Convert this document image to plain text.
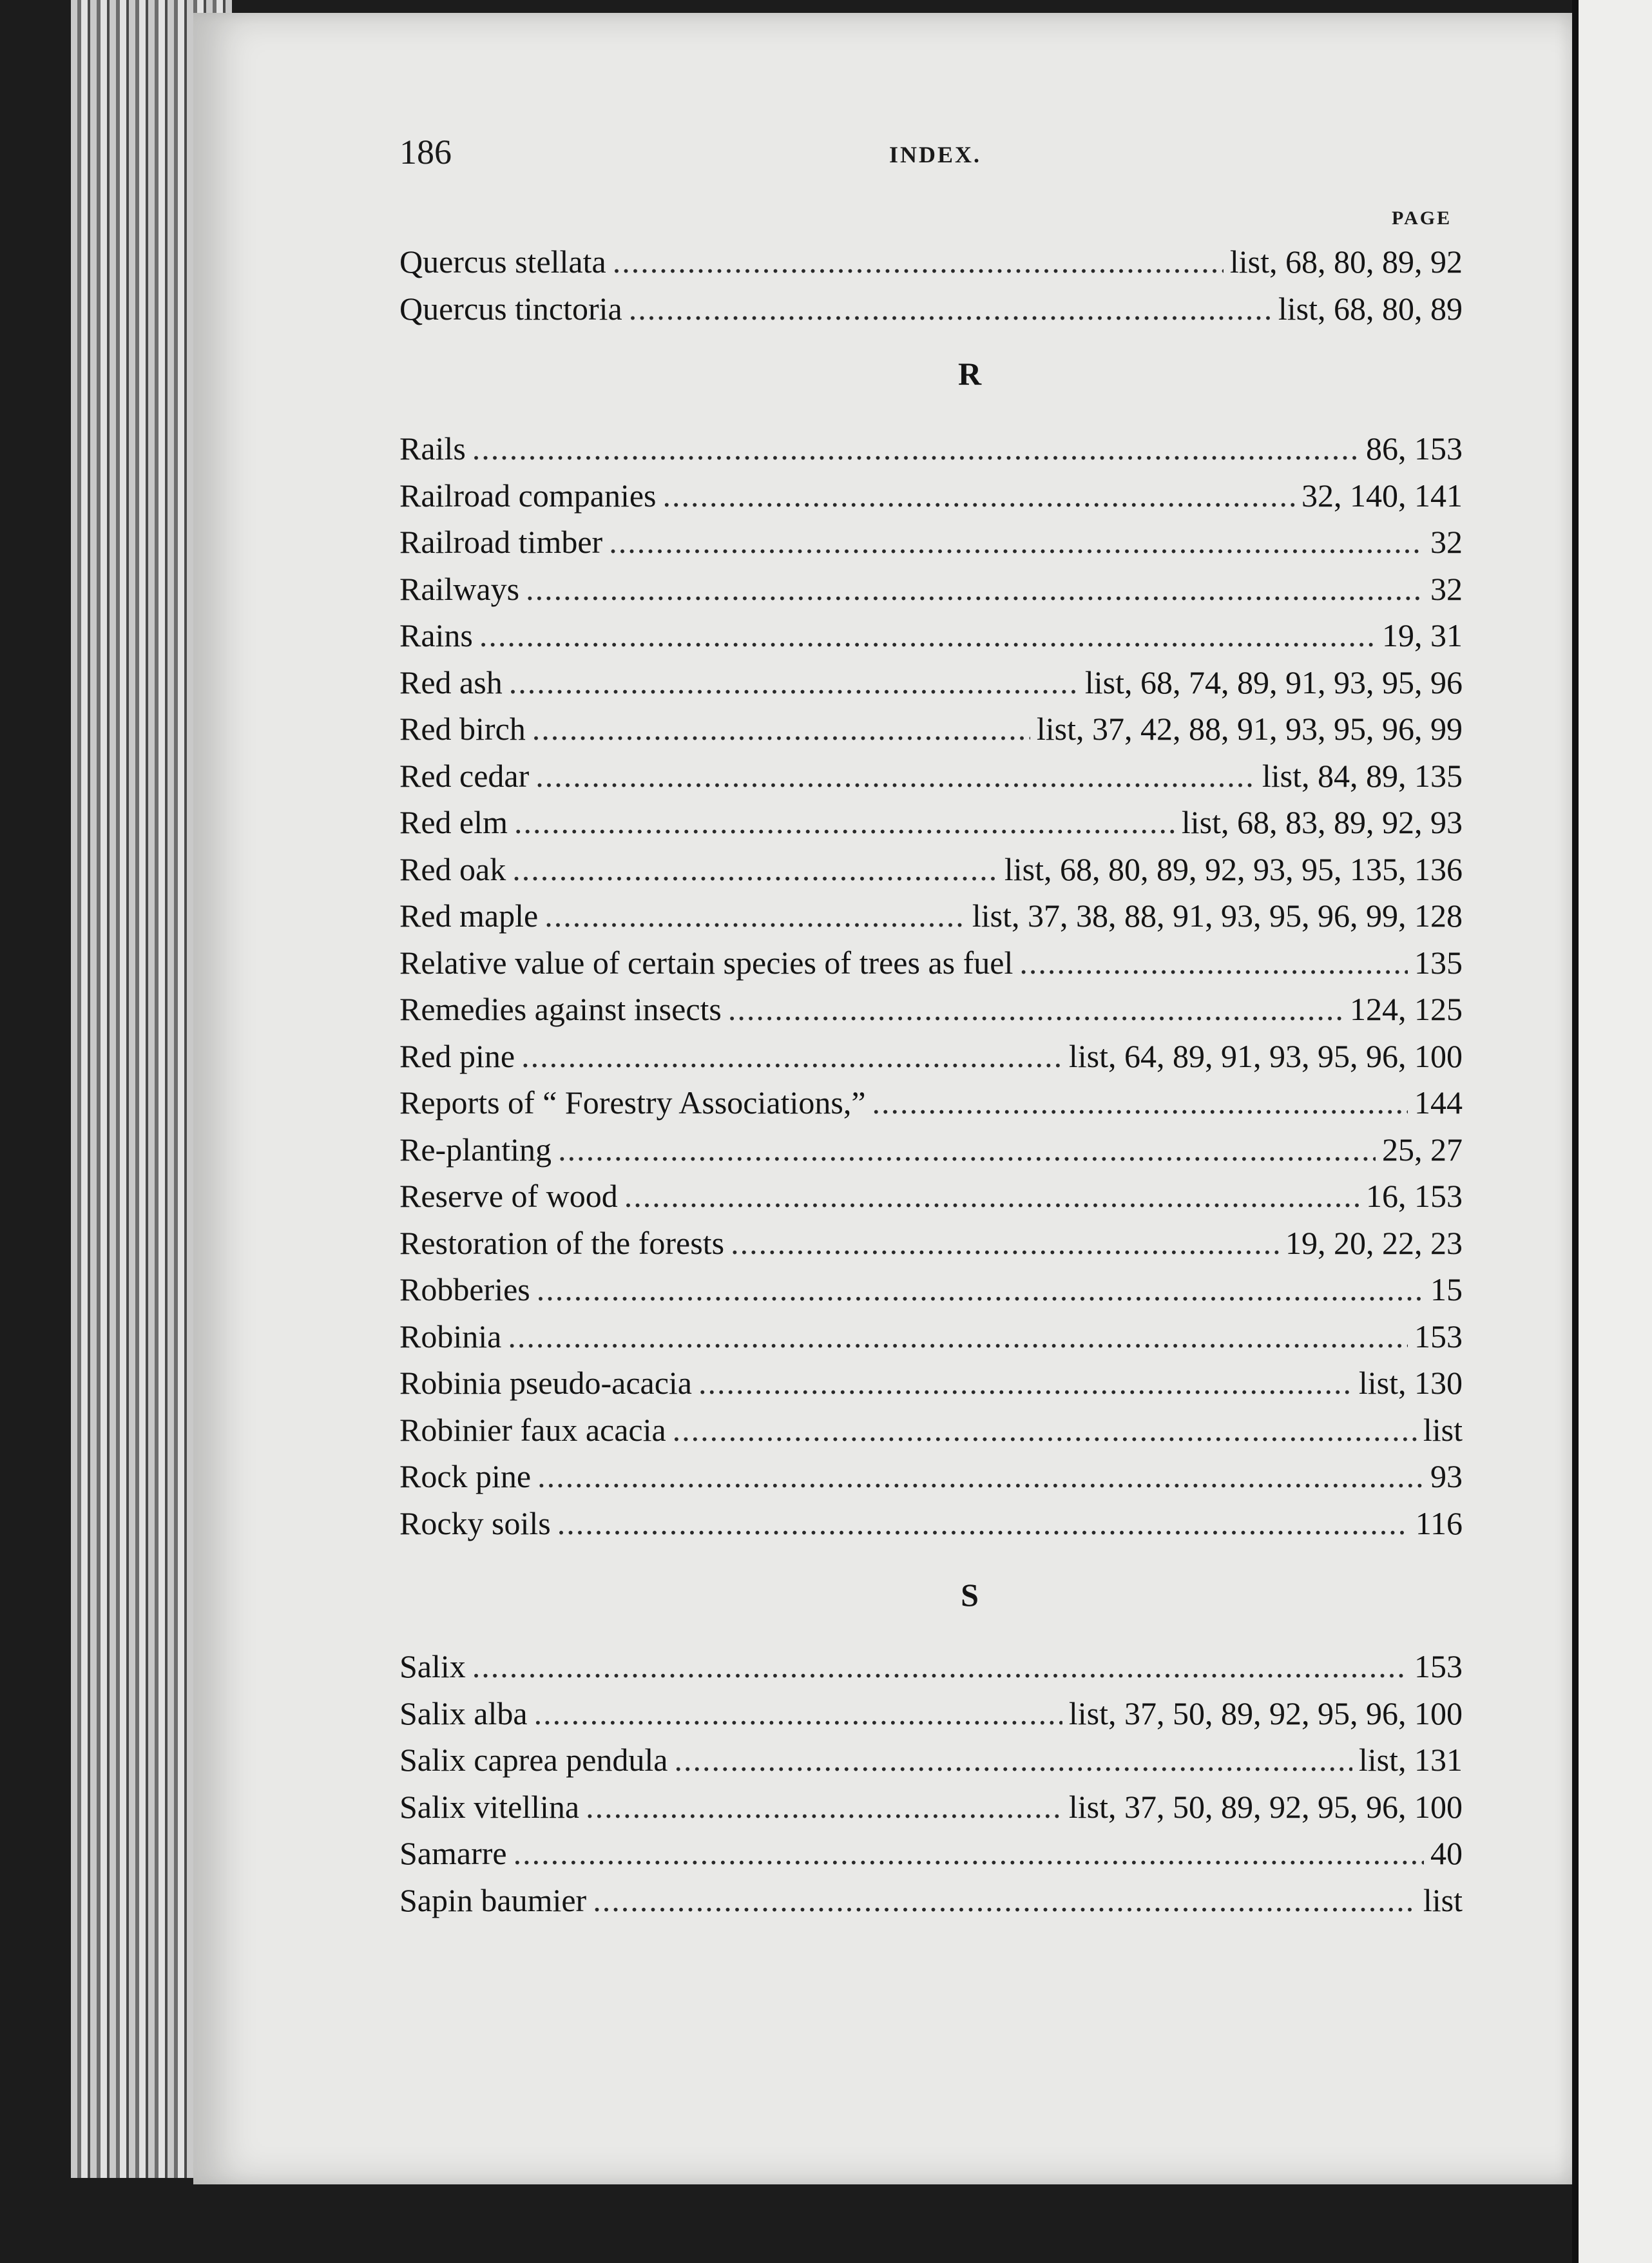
186	INDEX.
PAGE
Quercus stellata .....	list, 68, 80, 89, 92
Quercus tinctoria .....	list, 68, 80, 89
R
Rails .....	86, 153
Railroad companies .....	32, 140, 141
Railroad timber .....	32
Railways .....	32
Rains .....	19, 31
Red ash .....	list, 68, 74, 89, 91, 93, 95, 96
Red birch .....	list, 37, 42, 88, 91, 93, 95, 96, 99
Red cedar .....	list, 84, 89, 135
Red elm .....	list, 68, 83, 89, 92, 93
Red oak .....	list, 68, 80, 89, 92, 93, 95, 135, 136
Red maple .....	list, 37, 38, 88, 91, 93, 95, 96, 99, 128
Relative value of certain species of trees as fuel .....	135
Remedies against insects .....	124, 125
Red pine .....	list, 64, 89, 91, 93, 95, 96, 100
Reports of “ Forestry Associations,” .....	144
Re-planting .....	25, 27
Reserve of wood .....	16, 153
Restoration of the forests .....	19, 20, 22, 23
Robberies .....	15
Robinia .....	153
Robinia pseudo-acacia .....	list, 130
Robinier faux acacia .....	list
Rock pine .....	93
Rocky soils .....	116
S
Salix .....	153
Salix alba .....	list, 37, 50, 89, 92, 95, 96, 100
Salix caprea pendula .....	list, 131
Salix vitellina .....	list, 37, 50, 89, 92, 95, 96, 100
Samarre .....	40
Sapin baumier .....	list
